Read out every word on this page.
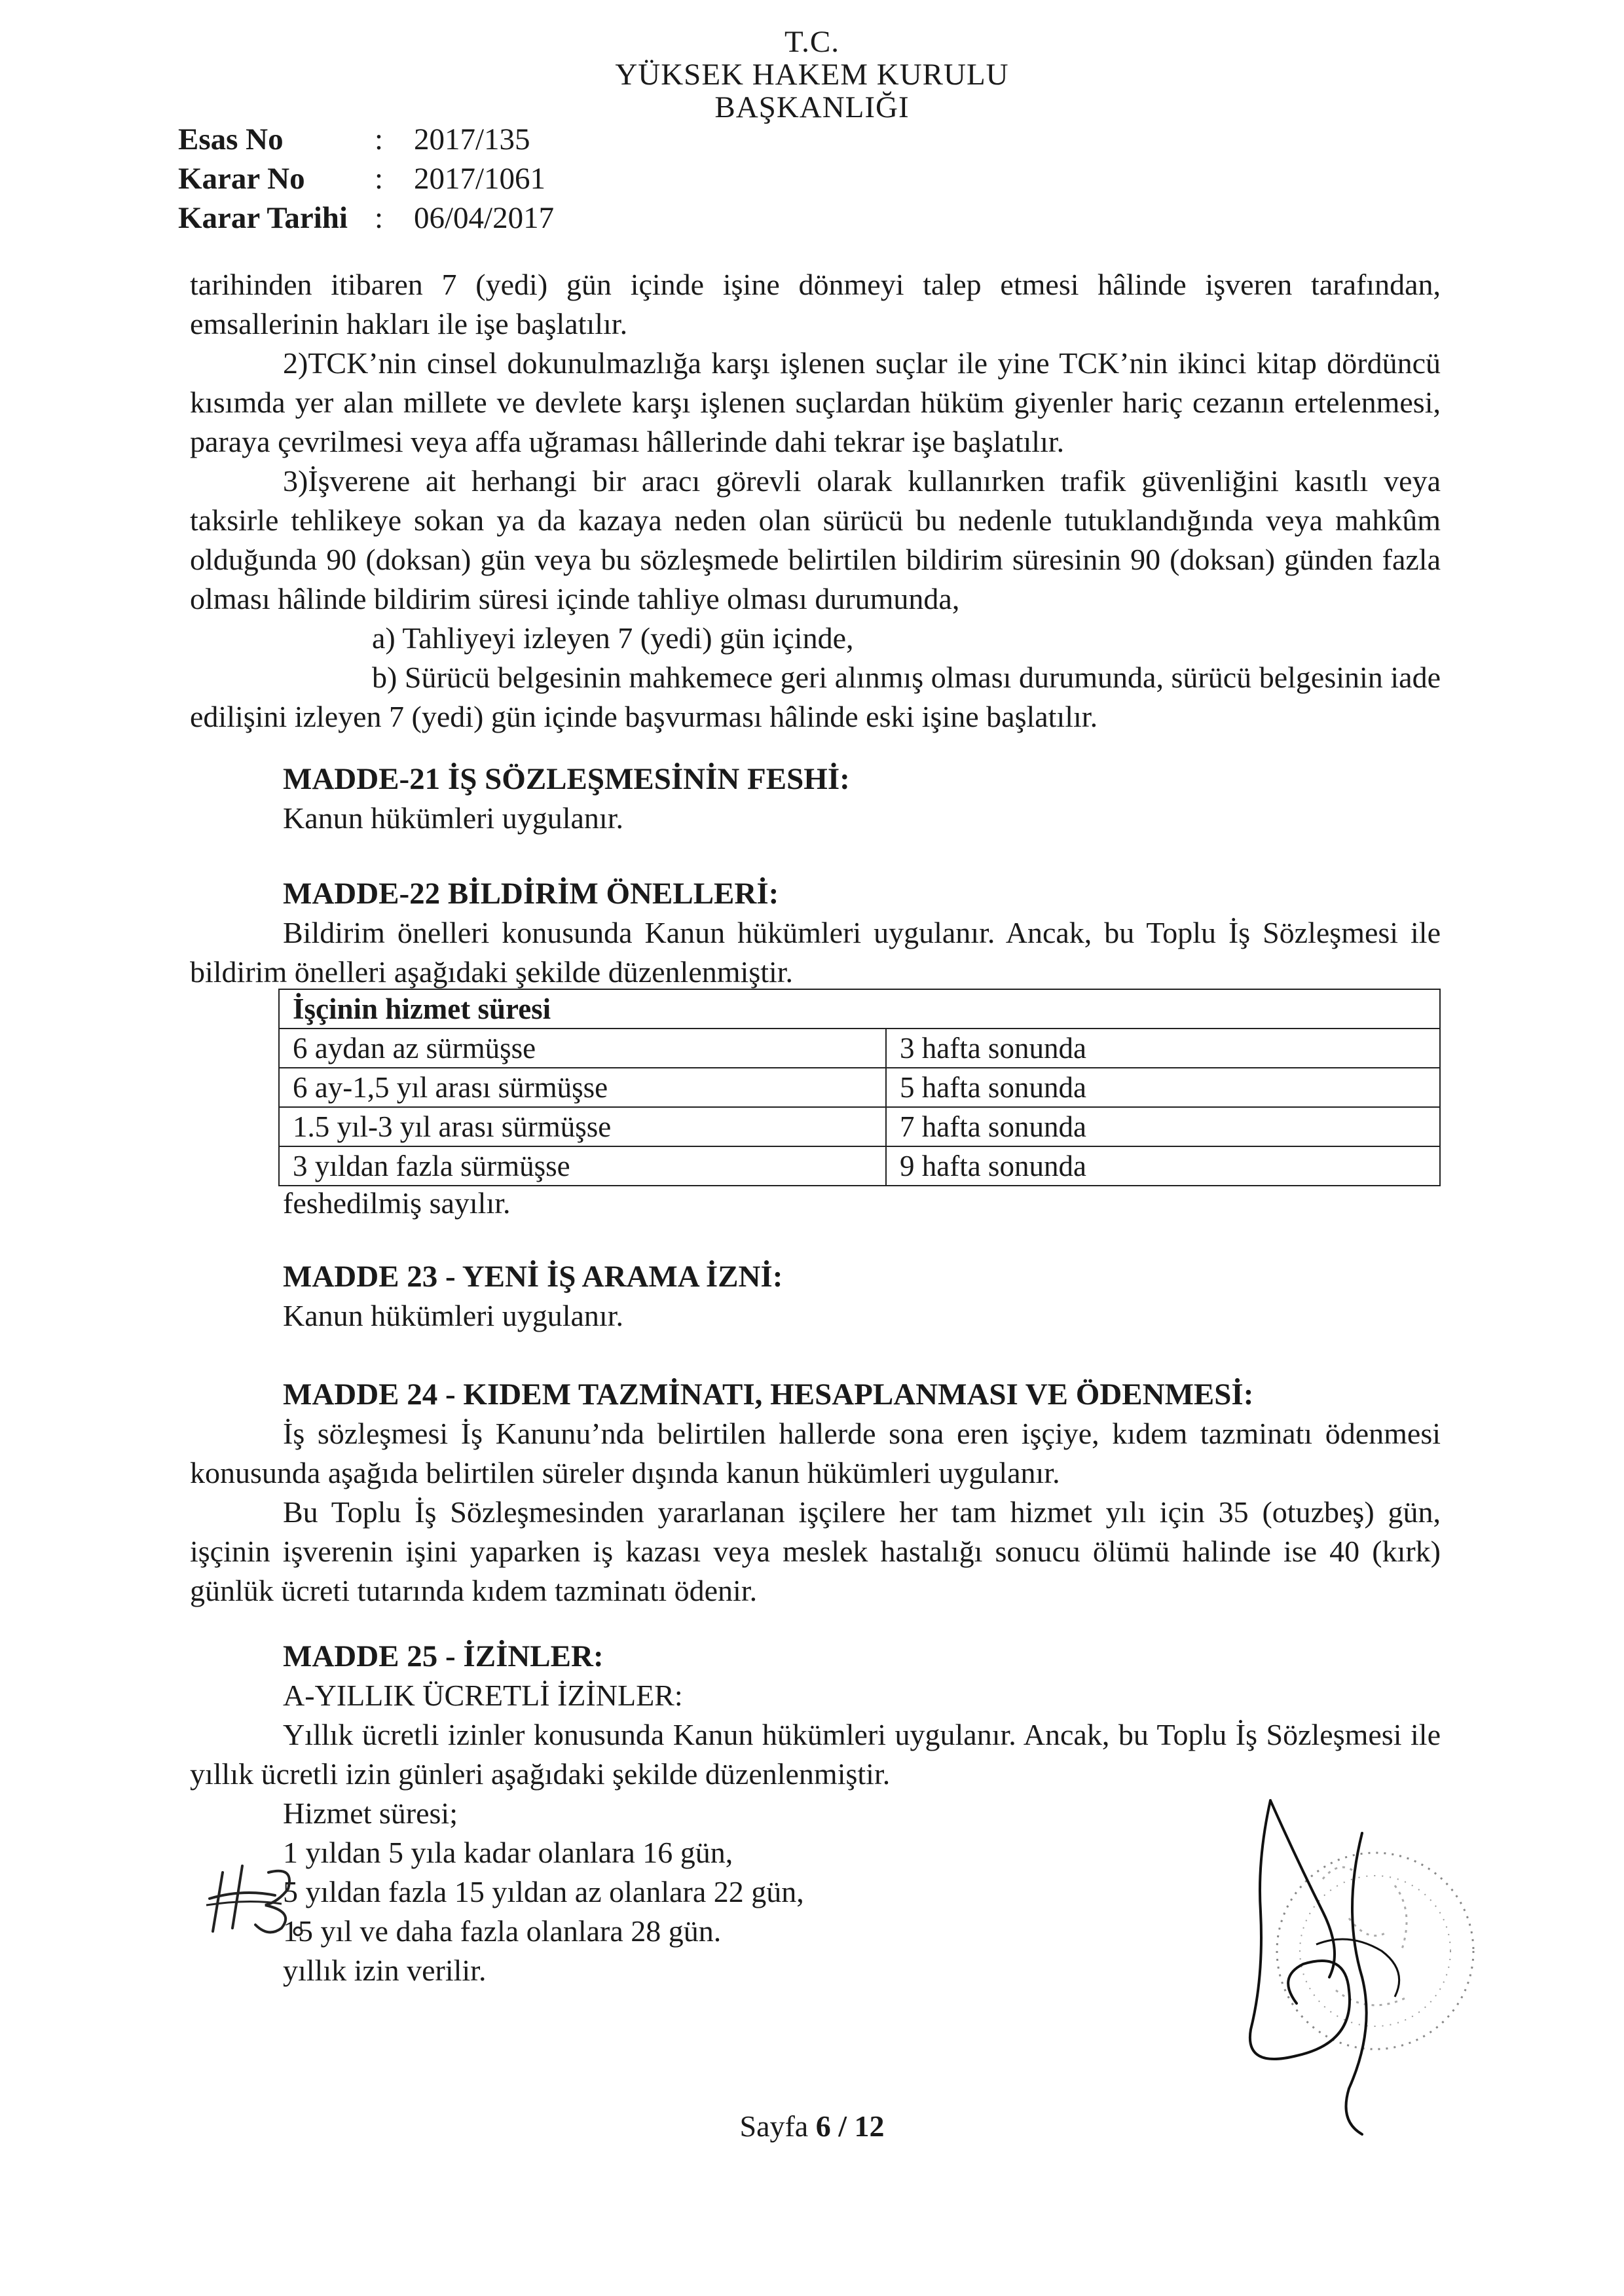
T.C.
YÜKSEK HAKEM KURULU
BAŞKANLIĞI
Esas No	: 2017/135
Karar No	: 2017/1061
Karar Tarihi : 06/04/2017

tarihinden itibaren 7 (yedi) gün içinde işine dönmeyi talep etmesi hâlinde işveren tarafından, emsallerinin hakları ile işe başlatılır.

2)TCK’nin cinsel dokunulmazlığa karşı işlenen suçlar ile yine TCK’nin ikinci kitap dördüncü kısımda yer alan millete ve devlete karşı işlenen suçlardan hüküm giyenler hariç cezanın ertelenmesi, paraya çevrilmesi veya affa uğraması hâllerinde dahi tekrar işe başlatılır.

3)İşverene ait herhangi bir aracı görevli olarak kullanırken trafik güvenliğini kasıtlı veya taksirle tehlikeye sokan ya da kazaya neden olan sürücü bu nedenle tutuklandığında veya mahkûm olduğunda 90 (doksan) gün veya bu sözleşmede belirtilen bildirim süresinin 90 (doksan) günden fazla olması hâlinde bildirim süresi içinde tahliye olması durumunda,

a) Tahliyeyi izleyen 7 (yedi) gün içinde,

b) Sürücü belgesinin mahkemece geri alınmış olması durumunda, sürücü belgesinin iade edilişini izleyen 7 (yedi) gün içinde başvurması hâlinde eski işine başlatılır.

MADDE-21 İŞ SÖZLEŞMESİNİN FESHİ:
Kanun hükümleri uygulanır.
MADDE-22 BİLDİRİM ÖNELLERİ:

Bildirim önelleri konusunda Kanun hükümleri uygulanır. Ancak, bu Toplu İş Sözleşmesi ile bildirim önelleri aşağıdaki şekilde düzenlenmiştir.

İşçinin hizmet süresi	
6 aydan az sürmüşse	3 hafta sonunda
6 ay-1,5 yıl arası sürmüşse	5 hafta sonunda
1.5 yıl-3 yıl arası sürmüşse	7 hafta sonunda
3 yıldan fazla sürmüşse	9 hafta sonunda
feshedilmiş sayılır.
MADDE 23 - YENİ İŞ ARAMA İZNİ:
Kanun hükümleri uygulanır.
MADDE 24 - KIDEM TAZMİNATI, HESAPLANMASI VE ÖDENMESİ:

İş sözleşmesi İş Kanunu’nda belirtilen hallerde sona eren işçiye, kıdem tazminatı ödenmesi konusunda aşağıda belirtilen süreler dışında kanun hükümleri uygulanır.

Bu Toplu İş Sözleşmesinden yararlanan işçilere her tam hizmet yılı için 35 (otuzbeş) gün, işçinin işverenin işini yaparken iş kazası veya meslek hastalığı sonucu ölümü halinde ise 40 (kırk) günlük ücreti tutarında kıdem tazminatı ödenir.

MADDE 25 - İZİNLER:
A-YILLIK ÜCRETLİ İZİNLER:

Yıllık ücretli izinler konusunda Kanun hükümleri uygulanır. Ancak, bu Toplu İş Sözleşmesi ile yıllık ücretli izin günleri aşağıdaki şekilde düzenlenmiştir.

Hizmet süresi;
1 yıldan 5 yıla kadar olanlara 16 gün,
5 yıldan fazla 15 yıldan az olanlara 22 gün,
15 yıl ve daha fazla olanlara 28 gün.
yıllık izin verilir.
Sayfa 6 / 12
